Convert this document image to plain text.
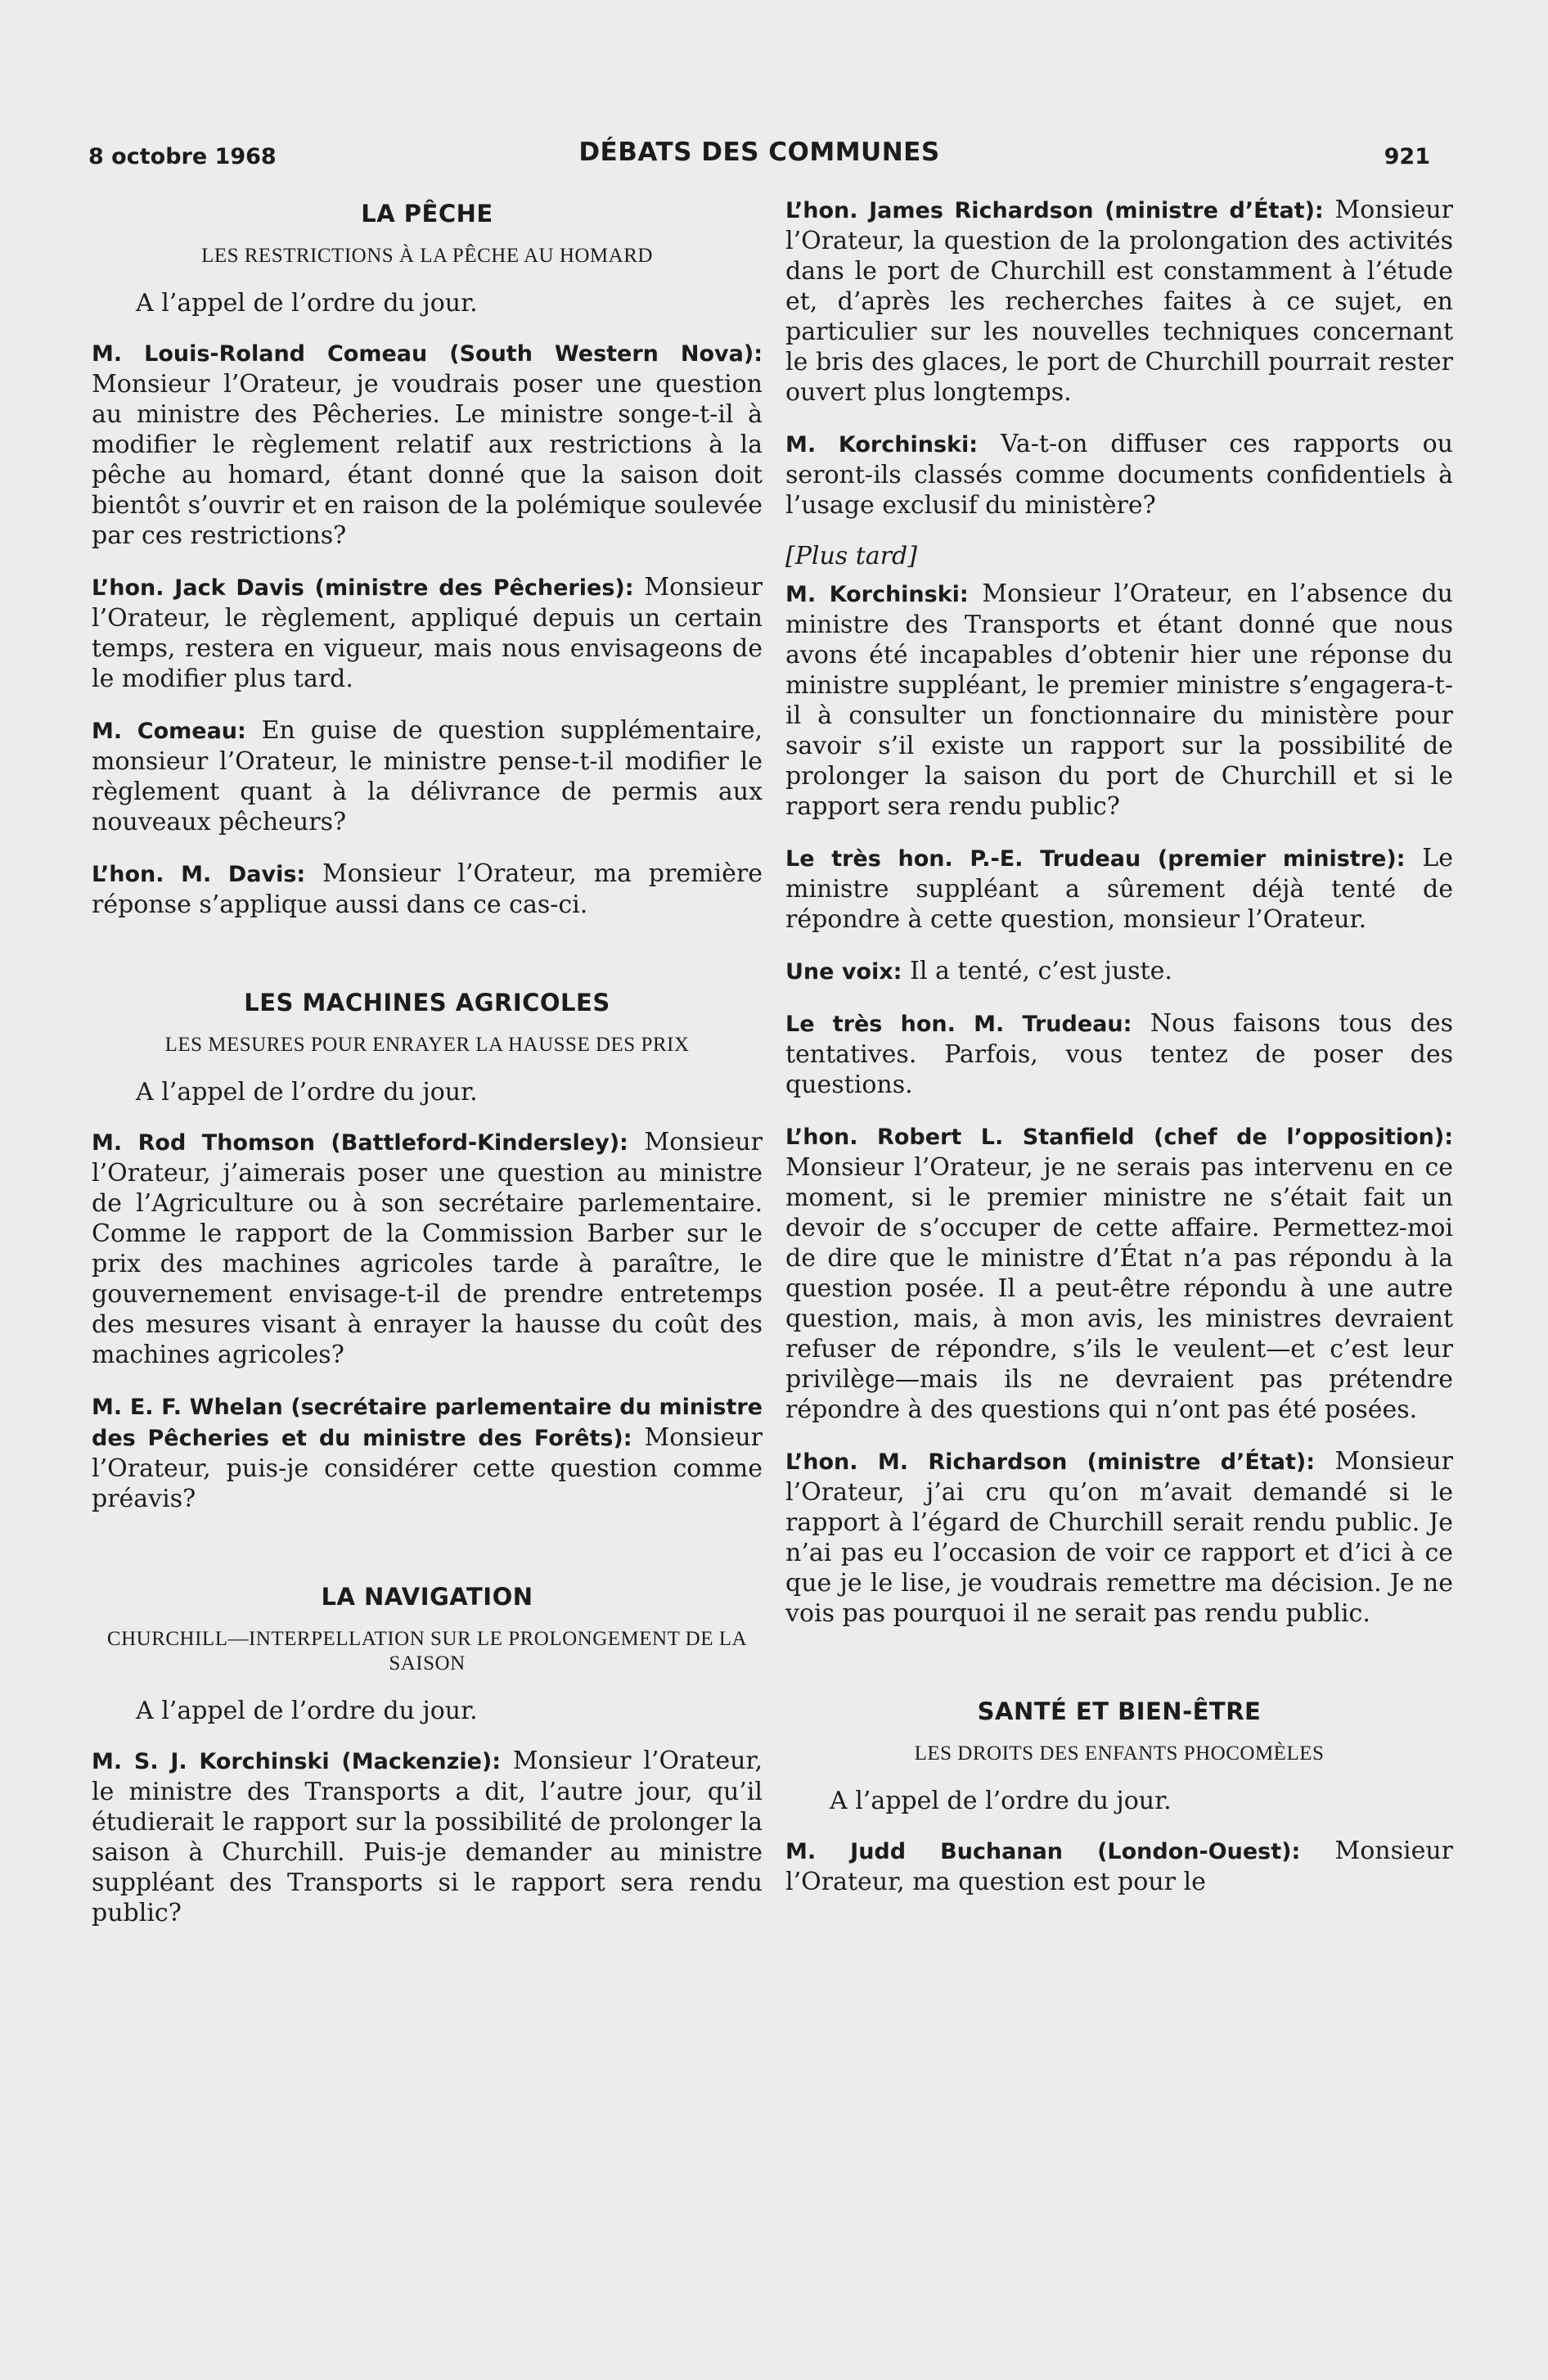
8 octobre 1968	DÉBATS DES COMMUNES	921
LA PÊCHE
LES RESTRICTIONS À LA PÊCHE AU HOMARD

A l’appel de l’ordre du jour.

M. Louis-Roland Comeau (South Western Nova): Monsieur l’Orateur, je voudrais poser une question au ministre des Pêcheries. Le ministre songe-t-il à modifier le règlement relatif aux restrictions à la pêche au homard, étant donné que la saison doit bientôt s’ouvrir et en raison de la polémique soulevée par ces restrictions?

L’hon. Jack Davis (ministre des Pêcheries): Monsieur l’Orateur, le règlement, appliqué depuis un certain temps, restera en vigueur, mais nous envisageons de le modifier plus tard.

M. Comeau: En guise de question supplémentaire, monsieur l’Orateur, le ministre pense-t-il modifier le règlement quant à la délivrance de permis aux nouveaux pêcheurs?

L’hon. M. Davis: Monsieur l’Orateur, ma première réponse s’applique aussi dans ce cas-ci.

LES MACHINES AGRICOLES
LES MESURES POUR ENRAYER LA HAUSSE DES PRIX

A l’appel de l’ordre du jour.

M. Rod Thomson (Battleford-Kindersley): Monsieur l’Orateur, j’aimerais poser une question au ministre de l’Agriculture ou à son secrétaire parlementaire. Comme le rapport de la Commission Barber sur le prix des machines agricoles tarde à paraître, le gouvernement envisage-t-il de prendre entretemps des mesures visant à enrayer la hausse du coût des machines agricoles?

M. E. F. Whelan (secrétaire parlementaire du ministre des Pêcheries et du ministre des Forêts): Monsieur l’Orateur, puis-je considérer cette question comme préavis?

LA NAVIGATION
CHURCHILL—INTERPELLATION SUR LE PROLONGEMENT DE LA SAISON

A l’appel de l’ordre du jour.

M. S. J. Korchinski (Mackenzie): Monsieur l’Orateur, le ministre des Transports a dit, l’autre jour, qu’il étudierait le rapport sur la possibilité de prolonger la saison à Churchill. Puis-je demander au ministre suppléant des Transports si le rapport sera rendu public?

L’hon. James Richardson (ministre d’État): Monsieur l’Orateur, la question de la prolongation des activités dans le port de Churchill est constamment à l’étude et, d’après les recherches faites à ce sujet, en particulier sur les nouvelles techniques concernant le bris des glaces, le port de Churchill pourrait rester ouvert plus longtemps.

M. Korchinski: Va-t-on diffuser ces rapports ou seront-ils classés comme documents confidentiels à l’usage exclusif du ministère?

[Plus tard]

M. Korchinski: Monsieur l’Orateur, en l’absence du ministre des Transports et étant donné que nous avons été incapables d’obtenir hier une réponse du ministre suppléant, le premier ministre s’engagera-t-il à consulter un fonctionnaire du ministère pour savoir s’il existe un rapport sur la possibilité de prolonger la saison du port de Churchill et si le rapport sera rendu public?

Le très hon. P.-E. Trudeau (premier ministre): Le ministre suppléant a sûrement déjà tenté de répondre à cette question, monsieur l’Orateur.

Une voix: Il a tenté, c’est juste.

Le très hon. M. Trudeau: Nous faisons tous des tentatives. Parfois, vous tentez de poser des questions.

L’hon. Robert L. Stanfield (chef de l’opposition): Monsieur l’Orateur, je ne serais pas intervenu en ce moment, si le premier ministre ne s’était fait un devoir de s’occuper de cette affaire. Permettez-moi de dire que le ministre d’État n’a pas répondu à la question posée. Il a peut-être répondu à une autre question, mais, à mon avis, les ministres devraient refuser de répondre, s’ils le veulent—et c’est leur privilège—mais ils ne devraient pas prétendre répondre à des questions qui n’ont pas été posées.

L’hon. M. Richardson (ministre d’État): Monsieur l’Orateur, j’ai cru qu’on m’avait demandé si le rapport à l’égard de Churchill serait rendu public. Je n’ai pas eu l’occasion de voir ce rapport et d’ici à ce que je le lise, je voudrais remettre ma décision. Je ne vois pas pourquoi il ne serait pas rendu public.

SANTÉ ET BIEN-ÊTRE
LES DROITS DES ENFANTS PHOCOMÈLES

A l’appel de l’ordre du jour.

M. Judd Buchanan (London-Ouest): Monsieur l’Orateur, ma question est pour le
